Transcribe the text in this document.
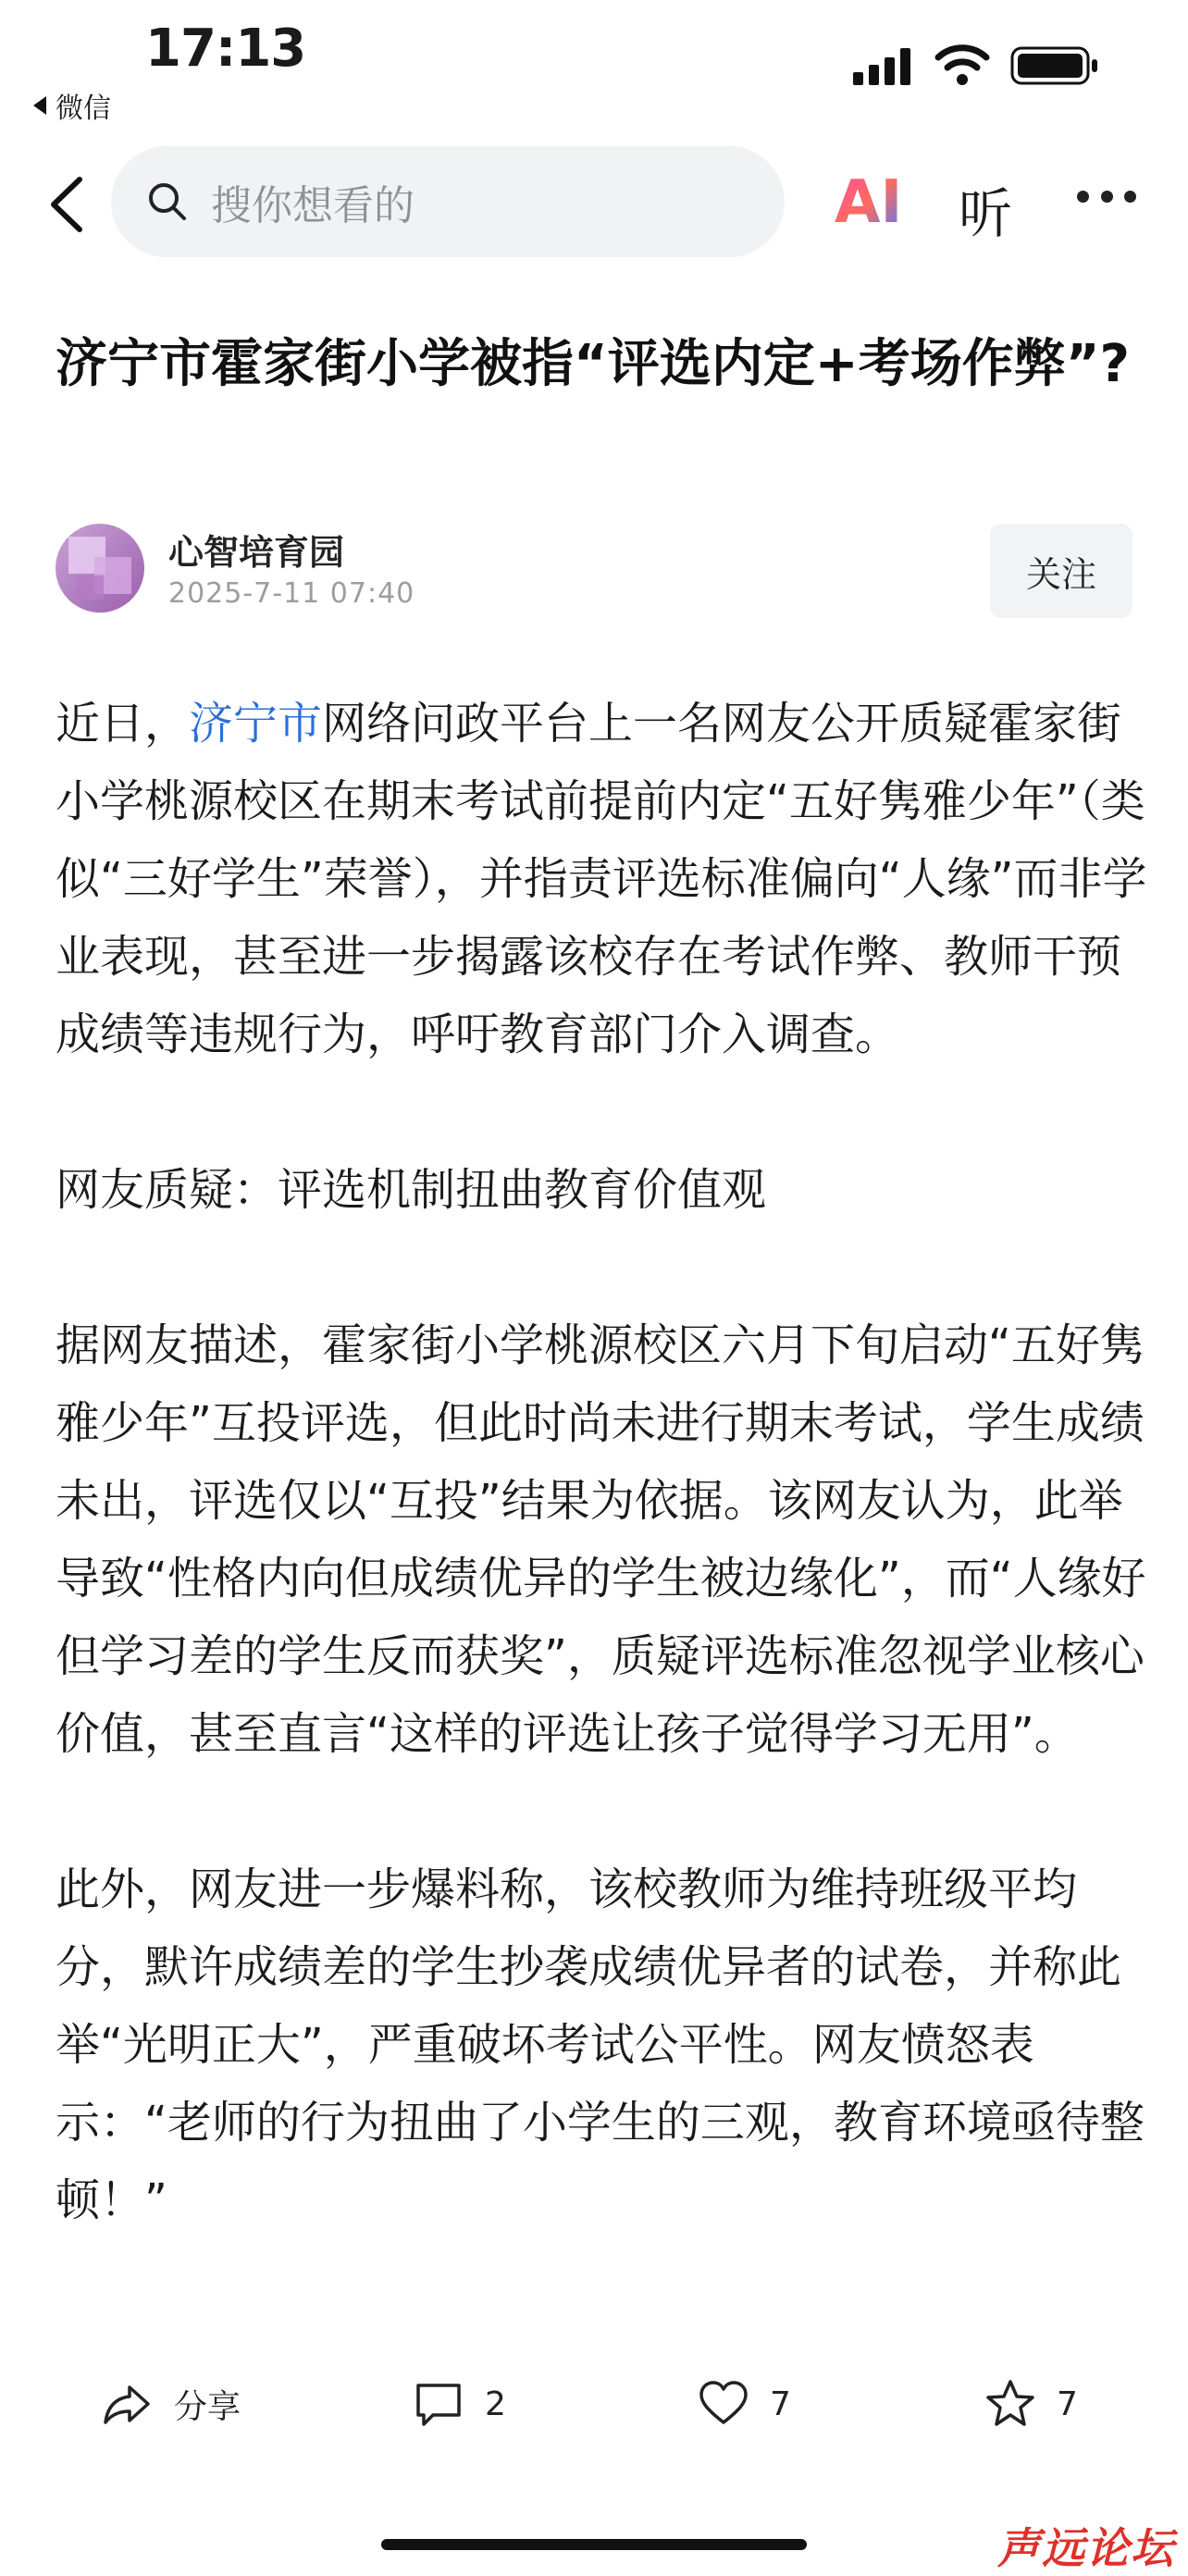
17:13
微信
搜你想看的	AI 听
济宁市霍家街小学被指“评选内定+考场作弊”?
心智培育园
2025-7-11 07:40	关注

近日，济宁市网络问政平台上一名网友公开质疑霍家街小学桃源校区在期末考试前提前内定“五好隽雅少年”（类似“三好学生”荣誉），并指责评选标准偏向“人缘”而非学业表现，甚至进一步揭露该校存在考试作弊、教师干预成绩等违规行为，呼吁教育部门介入调查。

网友质疑：评选机制扭曲教育价值观

据网友描述，霍家街小学桃源校区六月下旬启动“五好隽雅少年”互投评选，但此时尚未进行期末考试，学生成绩未出，评选仅以“互投”结果为依据。该网友认为，此举导致“性格内向但成绩优异的学生被边缘化”，而“人缘好但学习差的学生反而获奖”，质疑评选标准忽视学业核心价值，甚至直言“这样的评选让孩子觉得学习无用”。

此外，网友进一步爆料称，该校教师为维持班级平均分，默许成绩差的学生抄袭成绩优异者的试卷，并称此举“光明正大”，严重破坏考试公平性。网友愤怒表示：“老师的行为扭曲了小学生的三观，教育环境亟待整顿！”

分享	2	7	7
声远论坛
